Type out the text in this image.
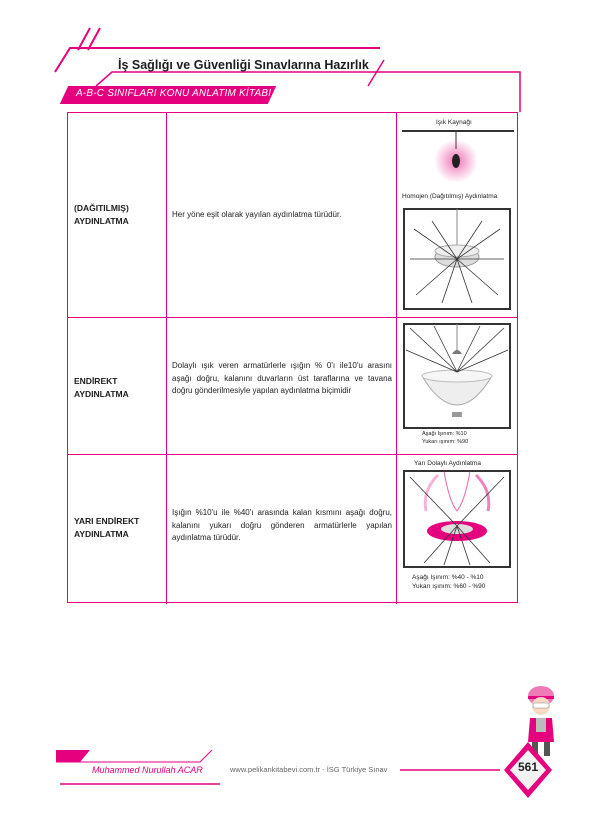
İş Sağlığı ve Güvenliği Sınavlarına Hazırlık
A-B-C SINIFLARI KONU ANLATIM KİTABI
(DAĞITILMIŞ) AYDINLATMA
Her yöne eşit olarak yayılan aydınlatma türüdür.
Işık Kaynağı
Homojen (Dağıtılmış) Aydınlatma
ENDİREKT AYDINLATMA
Dolaylı ışık veren armatürlerle ışığın % 0'ı ile10'u arasını aşağı doğru, kalanını duvarların üst taraflarına ve tavana doğru gönderilmesiyle yapılan aydınlatma biçimidir
Aşağı Işınım: %10
Yukarı ışınım: %90
YARI ENDİREKT AYDINLATMA
Işığın %10'u ile %40'ı arasında kalan kısmını aşağı doğru, kalanını yukarı doğru gönderen armatürlerle yapılan aydınlatma türüdür.
Yarı Dolaylı Aydınlatma
Aşağı Işınım: %40 - %10
Yukarı ışınım: %60 - %90
Muhammed Nurullah ACAR	www.pelikankitabevi.com.tr - İSG Türkiye Sınav	561
